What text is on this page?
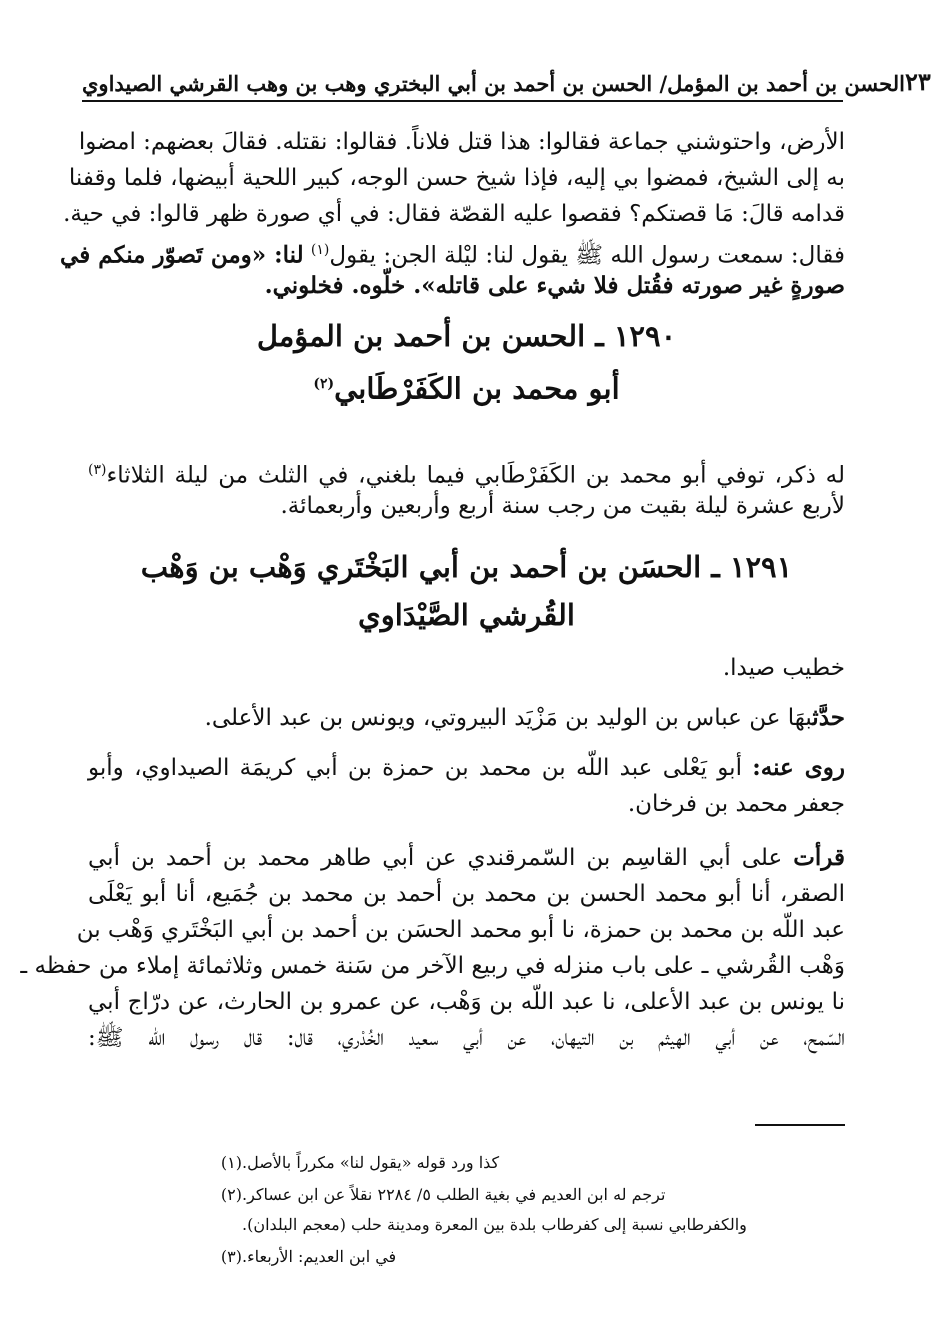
الحسن بن أحمد بن المؤمل/ الحسن بن أحمد بن أبي البختري وهب بن وهب القرشي الصيداوي ٢٣
الأرض، واحتوشني جماعة فقالوا: هذا قتل فلاناً. فقالوا: نقتله. فقالَ بعضهم: امضوا
به إلى الشيخ، فمضوا بي إليه، فإذا شيخ حسن الوجه، كبير اللحية أبيضها، فلما وقفنا
قدامه قالَ: مَا قصتكم؟ فقصوا عليه القصّة فقال: في أي صورة ظهر قالوا: في حية.
فقال: سمعت رسول الله ﷺ يقول لنا: ليْلة الجن: يقول$^{(١)}$ لنا: «ومن تَصوّر منكم في
صورةٍ غير صورته فقُتل فلا شيء على قاتله». خلّوه. فخلوني.
١٢٩٠ ـ الحسن بن أحمد بن المؤمل
أبو محمد بن الكَفَرْطَابي$^{(٢)}$
له ذكر، توفي أبو محمد بن الكَفَرْطَابي فيما بلغني، في الثلث من ليلة الثلاثاء$^{(٣)}$
لأربع عشرة ليلة بقيت من رجب سنة أربع وأربعين وأربعمائة.
١٢٩١ ـ الحسَن بن أحمد بن أبي البَخْتَري وَهْب بن وَهْب
القُرشي الصَّيْدَاوي
خطيب صيدا.
حدَّثبهَا عن عباس بن الوليد بن مَزْيَد البيروتي، ويونس بن عبد الأعلى.
روى عنه: أبو يَعْلى عبد اللّه بن محمد بن حمزة بن أبي كريمَة الصيداوي، وأبو
جعفر محمد بن فرخان.
قرأت على أبي القاسِم بن السّمرقندي عن أبي طاهر محمد بن أحمد بن أبي
الصقر، أنا أبو محمد الحسن بن محمد بن أحمد بن محمد بن جُمَيع، أنا أبو يَعْلَى
عبد اللّه بن محمد بن حمزة، نا أبو محمد الحسَن بن أحمد بن أبي البَخْتَري وَهْب بن
وَهْب القُرشي ـ على باب منزله في ربيع الآخر من سَنة خمس وثلاثمائة إملاء من حفظه ـ
نا يونس بن عبد الأعلى، نا عبد اللّه بن وَهْب، عن عمرو بن الحارث، عن درّاج أبي
السّمح، عن أبي الهيثم بن التيهان، عن أبي سعيد الخُدْري، قال: قال رسول اللّه ﷺ:
(١) كذا ورد قوله «يقول لنا» مكرراً بالأصل.
(٢) ترجم له ابن العديم في بغية الطلب ٥/ ٢٢٨٤ نقلاً عن ابن عساكر.
والكفرطابي نسبة إلى كفرطاب بلدة بين المعرة ومدينة حلب (معجم البلدان).
(٣) في ابن العديم: الأربعاء.
